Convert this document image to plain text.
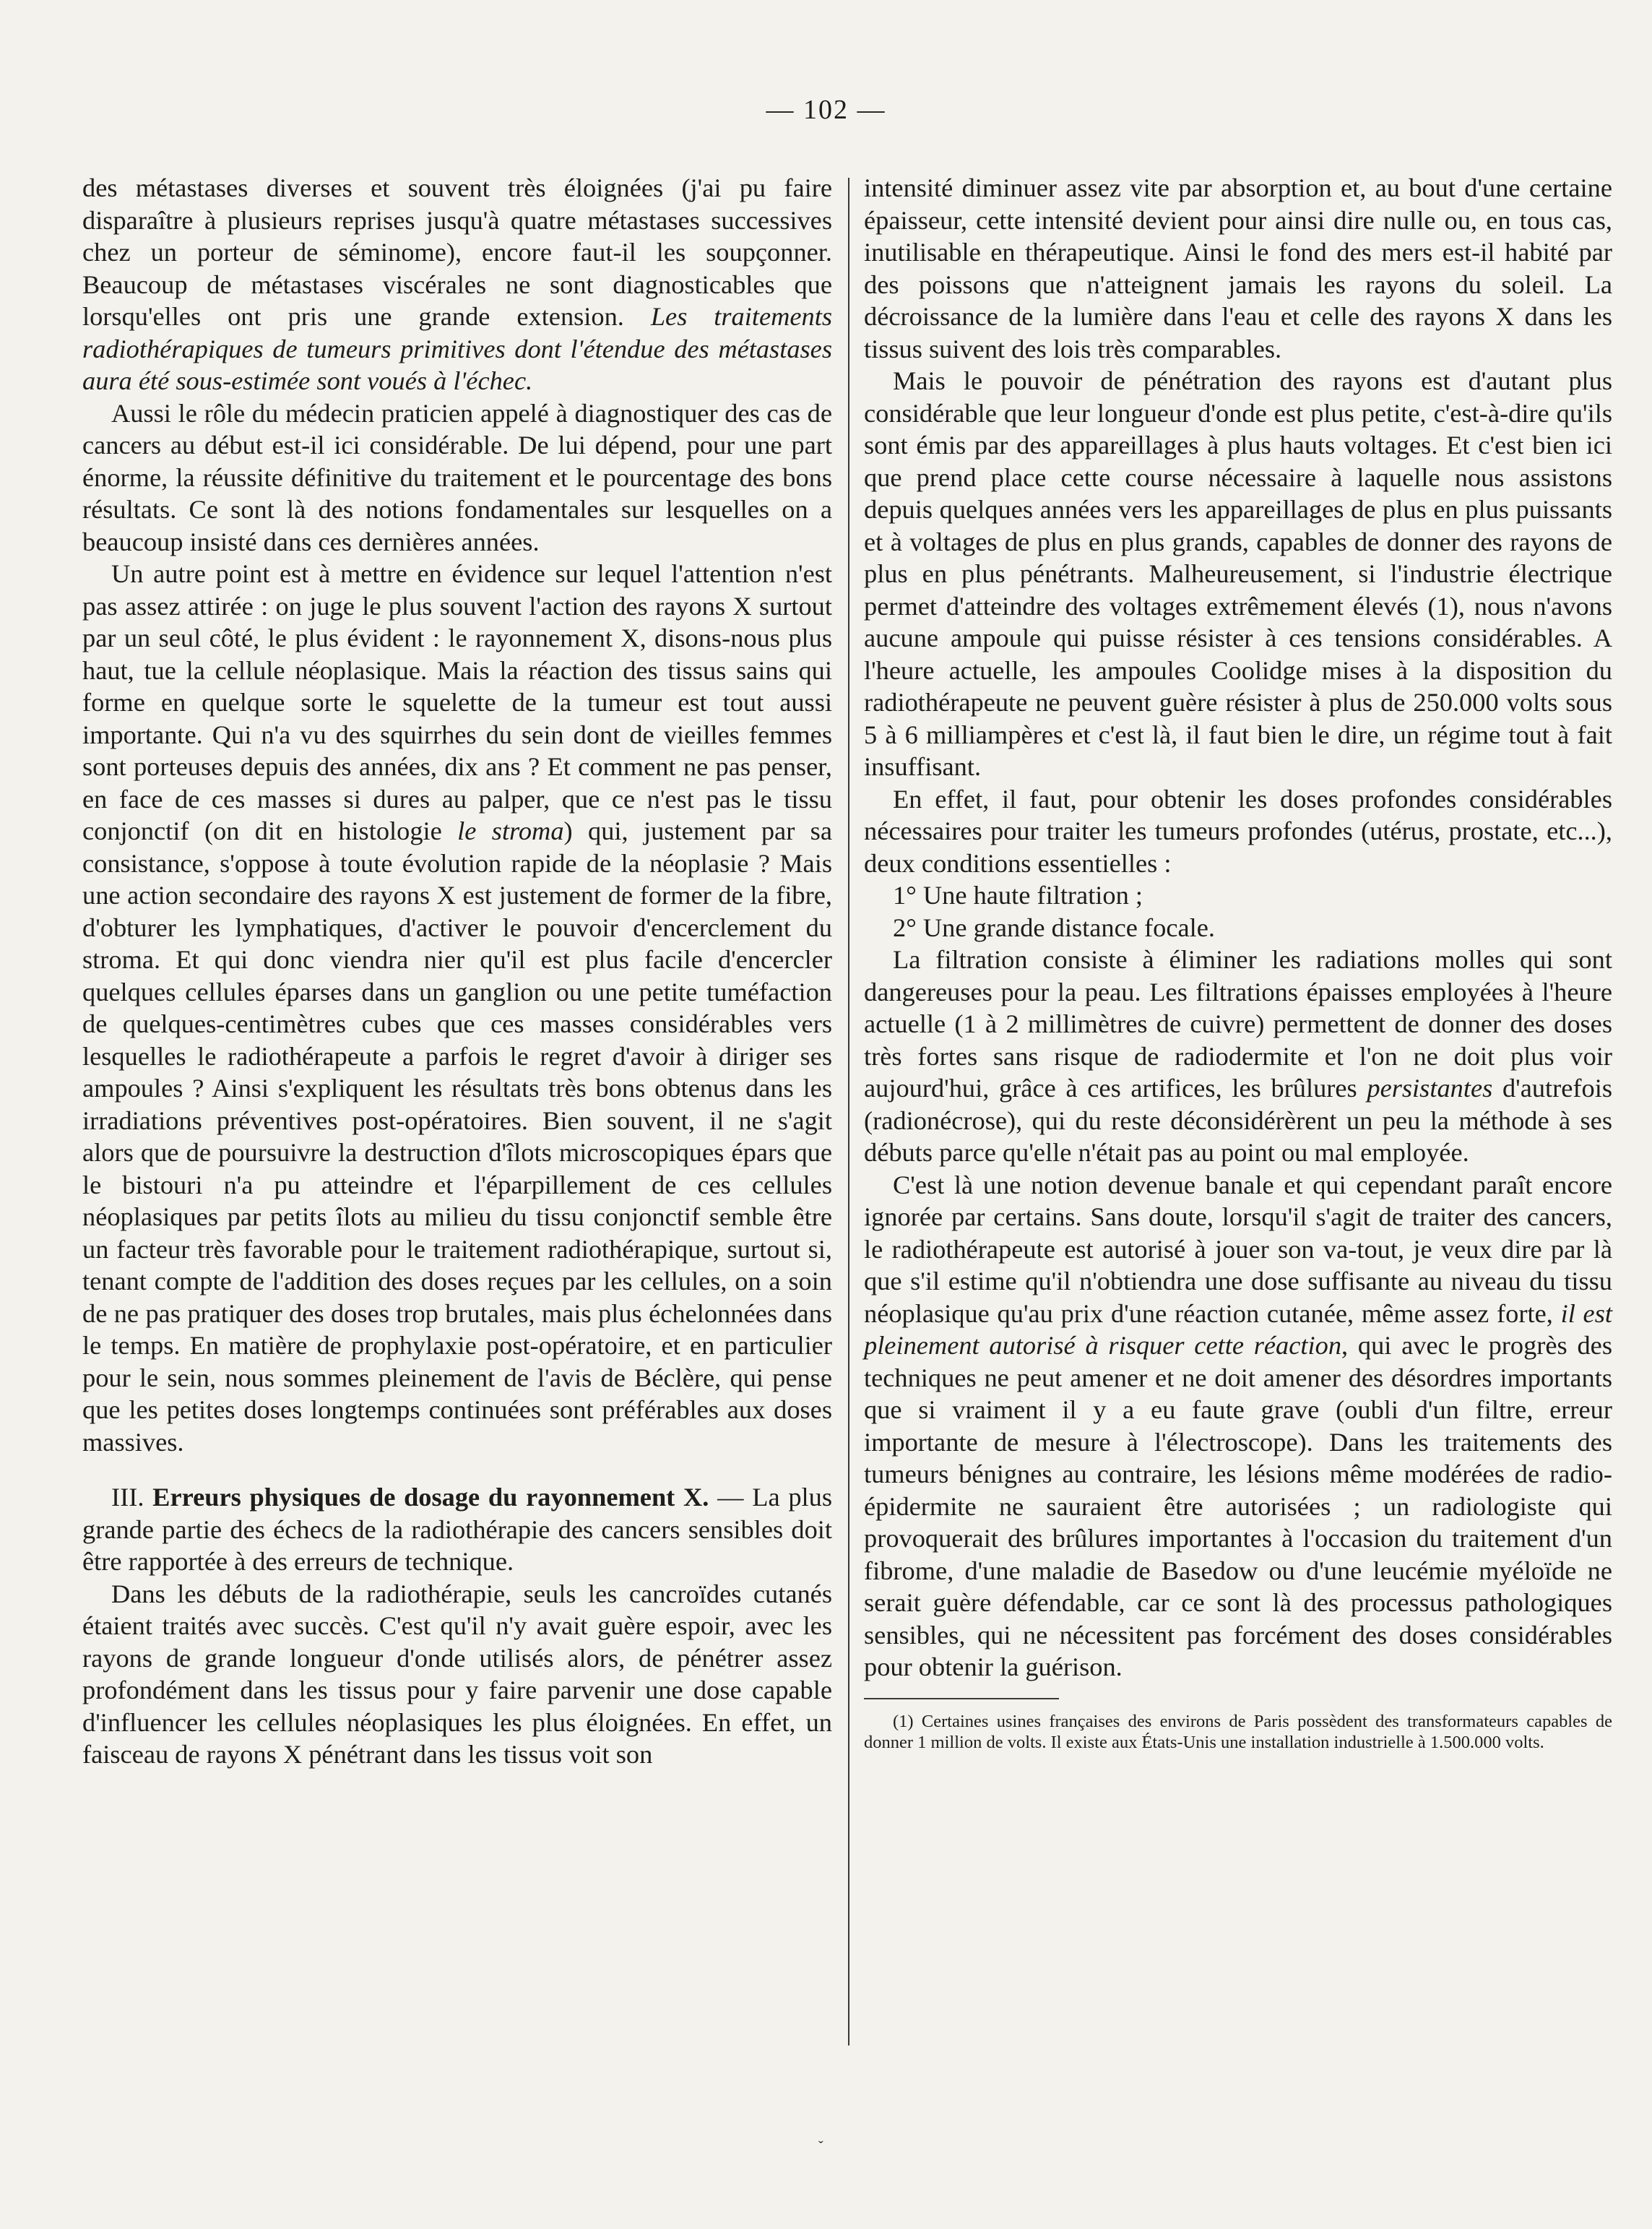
— 102 —

des métastases diverses et souvent très éloignées (j'ai pu faire disparaître à plusieurs reprises jusqu'à quatre métastases successives chez un porteur de séminome), encore faut-il les soupçonner. Beaucoup de métastases viscérales ne sont diagnosticables que lorsqu'elles ont pris une grande extension. Les traitements radiothérapiques de tumeurs primitives dont l'étendue des métastases aura été sous-estimée sont voués à l'échec.

Aussi le rôle du médecin praticien appelé à diagnostiquer des cas de cancers au début est-il ici considérable. De lui dépend, pour une part énorme, la réussite définitive du traitement et le pourcentage des bons résultats. Ce sont là des notions fondamentales sur lesquelles on a beaucoup insisté dans ces dernières années.

Un autre point est à mettre en évidence sur lequel l'attention n'est pas assez attirée : on juge le plus souvent l'action des rayons X surtout par un seul côté, le plus évident : le rayonnement X, disons-nous plus haut, tue la cellule néoplasique. Mais la réaction des tissus sains qui forme en quelque sorte le squelette de la tumeur est tout aussi importante. Qui n'a vu des squirrhes du sein dont de vieilles femmes sont porteuses depuis des années, dix ans ? Et comment ne pas penser, en face de ces masses si dures au palper, que ce n'est pas le tissu conjonctif (on dit en histologie le stroma) qui, justement par sa consistance, s'oppose à toute évolution rapide de la néoplasie ? Mais une action secondaire des rayons X est justement de former de la fibre, d'obturer les lymphatiques, d'activer le pouvoir d'encerclement du stroma. Et qui donc viendra nier qu'il est plus facile d'encercler quelques cellules éparses dans un ganglion ou une petite tuméfaction de quelques-centimètres cubes que ces masses considérables vers lesquelles le radiothérapeute a parfois le regret d'avoir à diriger ses ampoules ? Ainsi s'expliquent les résultats très bons obtenus dans les irradiations préventives post-opératoires. Bien souvent, il ne s'agit alors que de poursuivre la destruction d'îlots microscopiques épars que le bistouri n'a pu atteindre et l'éparpillement de ces cellules néoplasiques par petits îlots au milieu du tissu conjonctif semble être un facteur très favorable pour le traitement radiothérapique, surtout si, tenant compte de l'addition des doses reçues par les cellules, on a soin de ne pas pratiquer des doses trop brutales, mais plus échelonnées dans le temps. En matière de prophylaxie post-opératoire, et en particulier pour le sein, nous sommes pleinement de l'avis de Béclère, qui pense que les petites doses longtemps continuées sont préférables aux doses massives.

III. Erreurs physiques de dosage du rayonnement X. — La plus grande partie des échecs de la radiothérapie des cancers sensibles doit être rapportée à des erreurs de technique.

Dans les débuts de la radiothérapie, seuls les cancroïdes cutanés étaient traités avec succès. C'est qu'il n'y avait guère espoir, avec les rayons de grande longueur d'onde utilisés alors, de pénétrer assez profondément dans les tissus pour y faire parvenir une dose capable d'influencer les cellules néoplasiques les plus éloignées. En effet, un faisceau de rayons X pénétrant dans les tissus voit son

intensité diminuer assez vite par absorption et, au bout d'une certaine épaisseur, cette intensité devient pour ainsi dire nulle ou, en tous cas, inutilisable en thérapeutique. Ainsi le fond des mers est-il habité par des poissons que n'atteignent jamais les rayons du soleil. La décroissance de la lumière dans l'eau et celle des rayons X dans les tissus suivent des lois très comparables.

Mais le pouvoir de pénétration des rayons est d'autant plus considérable que leur longueur d'onde est plus petite, c'est-à-dire qu'ils sont émis par des appareillages à plus hauts voltages. Et c'est bien ici que prend place cette course nécessaire à laquelle nous assistons depuis quelques années vers les appareillages de plus en plus puissants et à voltages de plus en plus grands, capables de donner des rayons de plus en plus pénétrants. Malheureusement, si l'industrie électrique permet d'atteindre des voltages extrêmement élevés (1), nous n'avons aucune ampoule qui puisse résister à ces tensions considérables. A l'heure actuelle, les ampoules Coolidge mises à la disposition du radiothérapeute ne peuvent guère résister à plus de 250.000 volts sous 5 à 6 milliampères et c'est là, il faut bien le dire, un régime tout à fait insuffisant.

En effet, il faut, pour obtenir les doses profondes considérables nécessaires pour traiter les tumeurs profondes (utérus, prostate, etc...), deux conditions essentielles :

1° Une haute filtration ;

2° Une grande distance focale.

La filtration consiste à éliminer les radiations molles qui sont dangereuses pour la peau. Les filtrations épaisses employées à l'heure actuelle (1 à 2 millimètres de cuivre) permettent de donner des doses très fortes sans risque de radiodermite et l'on ne doit plus voir aujourd'hui, grâce à ces artifices, les brûlures persistantes d'autrefois (radionécrose), qui du reste déconsidérèrent un peu la méthode à ses débuts parce qu'elle n'était pas au point ou mal employée.

C'est là une notion devenue banale et qui cependant paraît encore ignorée par certains. Sans doute, lorsqu'il s'agit de traiter des cancers, le radiothérapeute est autorisé à jouer son va-tout, je veux dire par là que s'il estime qu'il n'obtiendra une dose suffisante au niveau du tissu néoplasique qu'au prix d'une réaction cutanée, même assez forte, il est pleinement autorisé à risquer cette réaction, qui avec le progrès des techniques ne peut amener et ne doit amener des désordres importants que si vraiment il y a eu faute grave (oubli d'un filtre, erreur importante de mesure à l'électroscope). Dans les traitements des tumeurs bénignes au contraire, les lésions même modérées de radio-épidermite ne sauraient être autorisées ; un radiologiste qui provoquerait des brûlures importantes à l'occasion du traitement d'un fibrome, d'une maladie de Basedow ou d'une leucémie myéloïde ne serait guère défendable, car ce sont là des processus pathologiques sensibles, qui ne nécessitent pas forcément des doses considérables pour obtenir la guérison.

(1) Certaines usines françaises des environs de Paris possèdent des transformateurs capables de donner 1 million de volts. Il existe aux États-Unis une installation industrielle à 1.500.000 volts.

ˇ
